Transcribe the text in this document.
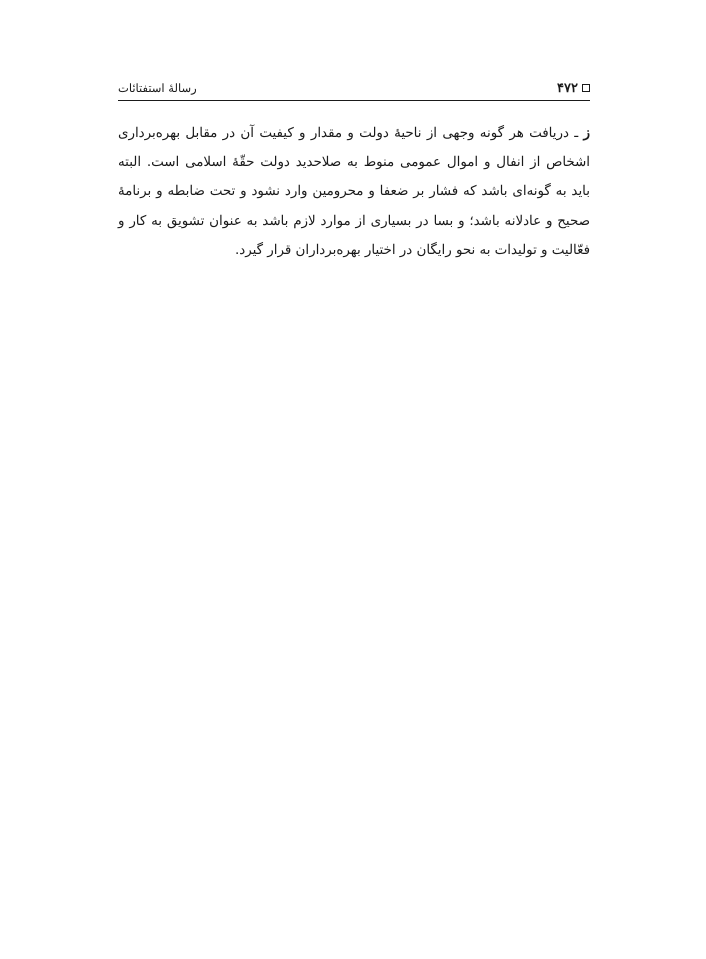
۴۷۲
رسالۀ استفتائات

ز ـ دریافت هر گونه وجهی از ناحیهٔ دولت و مقدار و کیفیت آن در مقابل بهره‌برداری اشخاص از انفال و اموال عمومی منوط به صلاحدید دولت حقّهٔ اسلامی است. البته باید به گونه‌ای باشد که فشار بر ضعفا و محرومین وارد نشود و تحت ضابطه و برنامهٔ صحیح و عادلانه باشد؛ و بسا در بسیاری از موارد لازم باشد به عنوان تشویق به کار و فعّالیت و تولیدات به نحو رایگان در اختیار بهره‌برداران قرار گیرد.
